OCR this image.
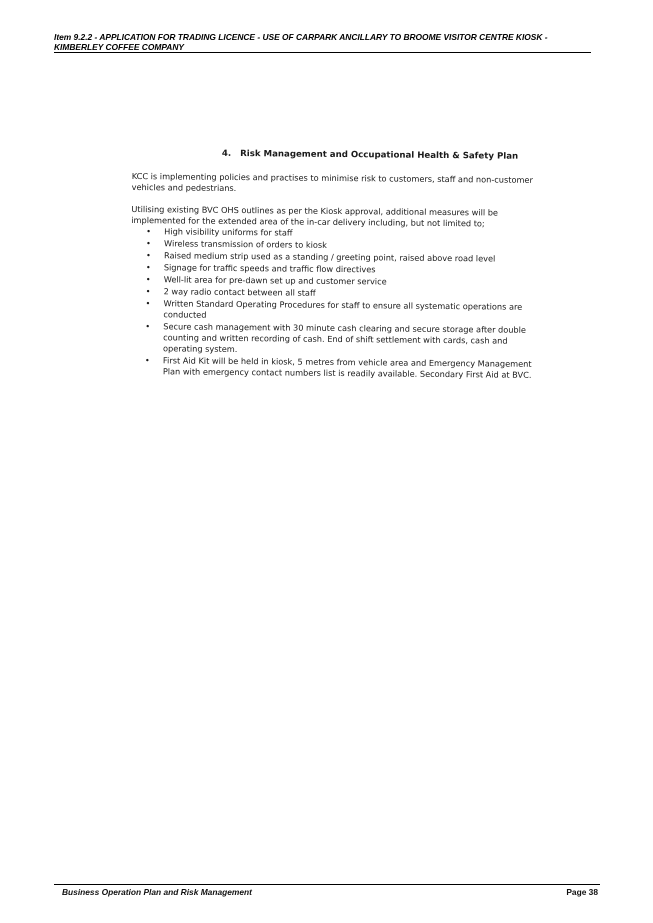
Item 9.2.2 - APPLICATION FOR TRADING LICENCE - USE OF CARPARK ANCILLARY TO BROOME VISITOR CENTRE KIOSK - KIMBERLEY COFFEE COMPANY
4. Risk Management and Occupational Health & Safety Plan

KCC is implementing policies and practises to minimise risk to customers, staff and non-customer vehicles and pedestrians.

Utilising existing BVC OHS outlines as per the Kiosk approval, additional measures will be implemented for the extended area of the in-car delivery including, but not limited to;

• High visibility uniforms for staff
• Wireless transmission of orders to kiosk
• Raised medium strip used as a standing / greeting point, raised above road level
• Signage for traffic speeds and traffic flow directives
• Well-lit area for pre-dawn set up and customer service
• 2 way radio contact between all staff
• Written Standard Operating Procedures for staff to ensure all systematic operations are conducted
• Secure cash management with 30 minute cash clearing and secure storage after double counting and written recording of cash. End of shift settlement with cards, cash and operating system.
• First Aid Kit will be held in kiosk, 5 metres from vehicle area and Emergency Management Plan with emergency contact numbers list is readily available. Secondary First Aid at BVC.
Business Operation Plan and Risk Management	Page 38
